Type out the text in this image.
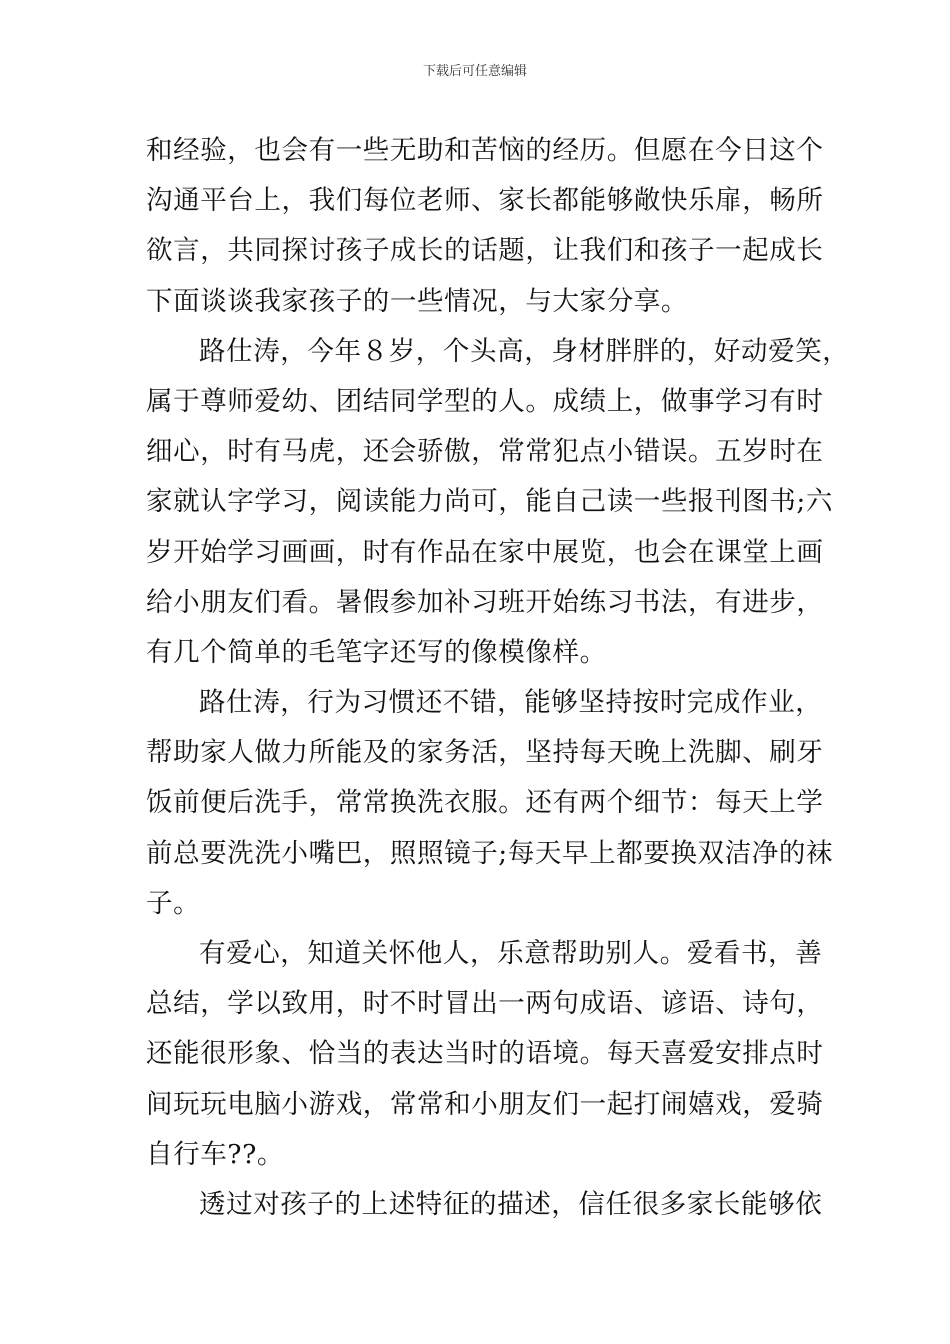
下载后可任意编辑
和经验，也会有一些无助和苦恼的经历。但愿在今日这个
沟通平台上，我们每位老师、家长都能够敞快乐扉，畅所
欲言，共同探讨孩子成长的话题，让我们和孩子一起成长
下面谈谈我家孩子的一些情况，与大家分享。
路仕涛，今年８岁，个头高，身材胖胖的，好动爱笑，
属于尊师爱幼、团结同学型的人。成绩上，做事学习有时
细心，时有马虎，还会骄傲，常常犯点小错误。五岁时在
家就认字学习，阅读能力尚可，能自己读一些报刊图书;六
岁开始学习画画，时有作品在家中展览，也会在课堂上画
给小朋友们看。暑假参加补习班开始练习书法，有进步，
有几个简单的毛笔字还写的像模像样。
路仕涛，行为习惯还不错，能够坚持按时完成作业，
帮助家人做力所能及的家务活，坚持每天晚上洗脚、刷牙
饭前便后洗手，常常换洗衣服。还有两个细节：每天上学
前总要洗洗小嘴巴，照照镜子;每天早上都要换双洁净的袜
子。
有爱心，知道关怀他人，乐意帮助别人。爱看书，善
总结，学以致用，时不时冒出一两句成语、谚语、诗句，
还能很形象、恰当的表达当时的语境。每天喜爱安排点时
间玩玩电脑小游戏，常常和小朋友们一起打闹嬉戏，爱骑
自行车??。
透过对孩子的上述特征的描述，信任很多家长能够依
